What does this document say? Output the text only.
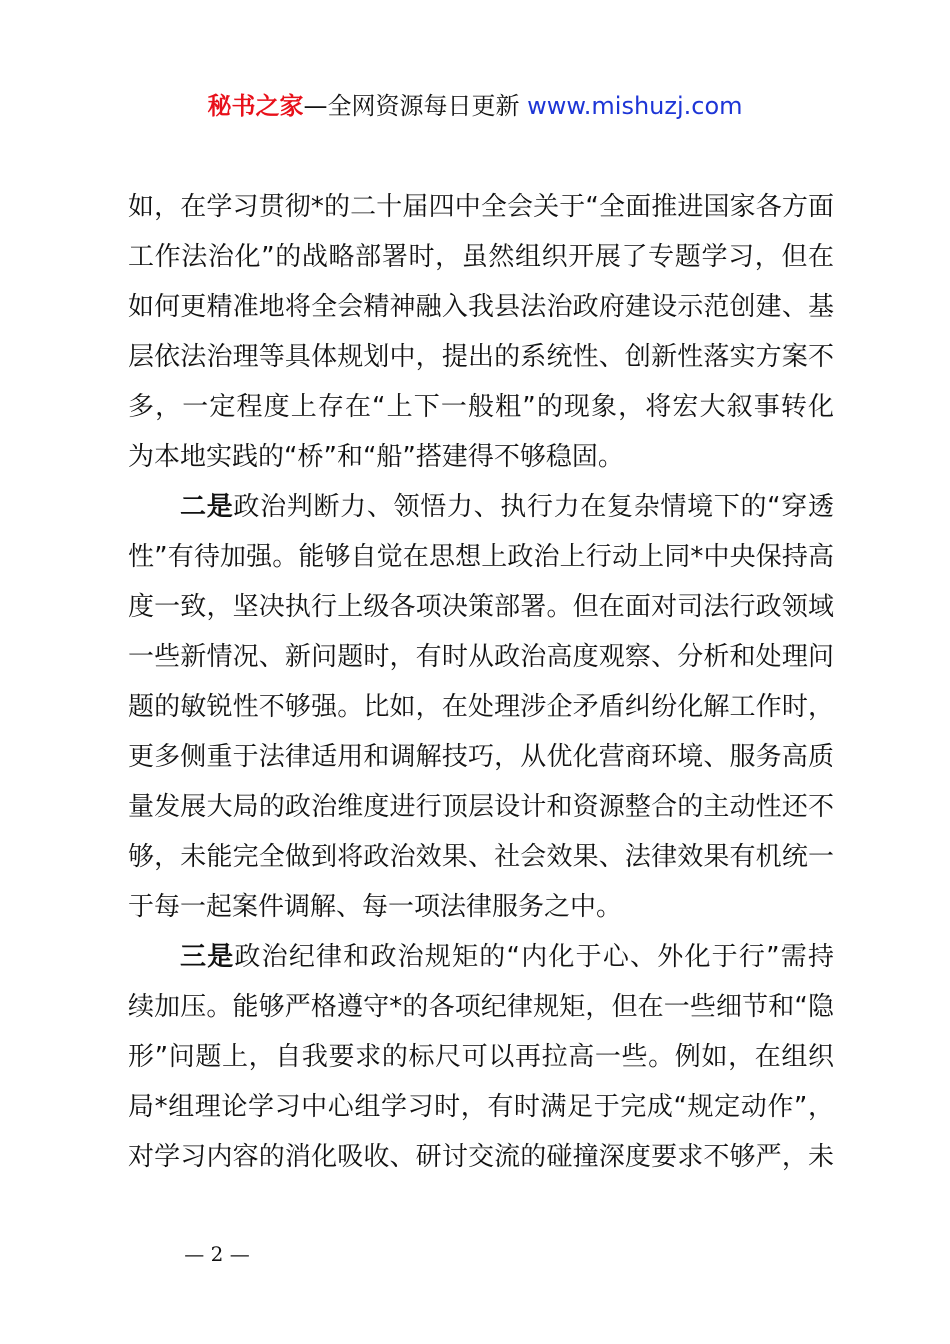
秘书之家—全网资源每日更新 www.mishuzj.com
如，在学习贯彻*的二十届四中全会关于“全面推进国家各方面
工作法治化”的战略部署时，虽然组织开展了专题学习，但在
如何更精准地将全会精神融入我县法治政府建设示范创建、基
层依法治理等具体规划中，提出的系统性、创新性落实方案不
多，一定程度上存在“上下一般粗”的现象，将宏大叙事转化
为本地实践的“桥”和“船”搭建得不够稳固。
二是政治判断力、领悟力、执行力在复杂情境下的“穿透
性”有待加强。能够自觉在思想上政治上行动上同*中央保持高
度一致，坚决执行上级各项决策部署。但在面对司法行政领域
一些新情况、新问题时，有时从政治高度观察、分析和处理问
题的敏锐性不够强。比如，在处理涉企矛盾纠纷化解工作时，
更多侧重于法律适用和调解技巧，从优化营商环境、服务高质
量发展大局的政治维度进行顶层设计和资源整合的主动性还不
够，未能完全做到将政治效果、社会效果、法律效果有机统一
于每一起案件调解、每一项法律服务之中。
三是政治纪律和政治规矩的“内化于心、外化于行”需持
续加压。能够严格遵守*的各项纪律规矩，但在一些细节和“隐
形”问题上，自我要求的标尺可以再拉高一些。例如，在组织
局*组理论学习中心组学习时，有时满足于完成“规定动作”，
对学习内容的消化吸收、研讨交流的碰撞深度要求不够严，未
— 2 —
